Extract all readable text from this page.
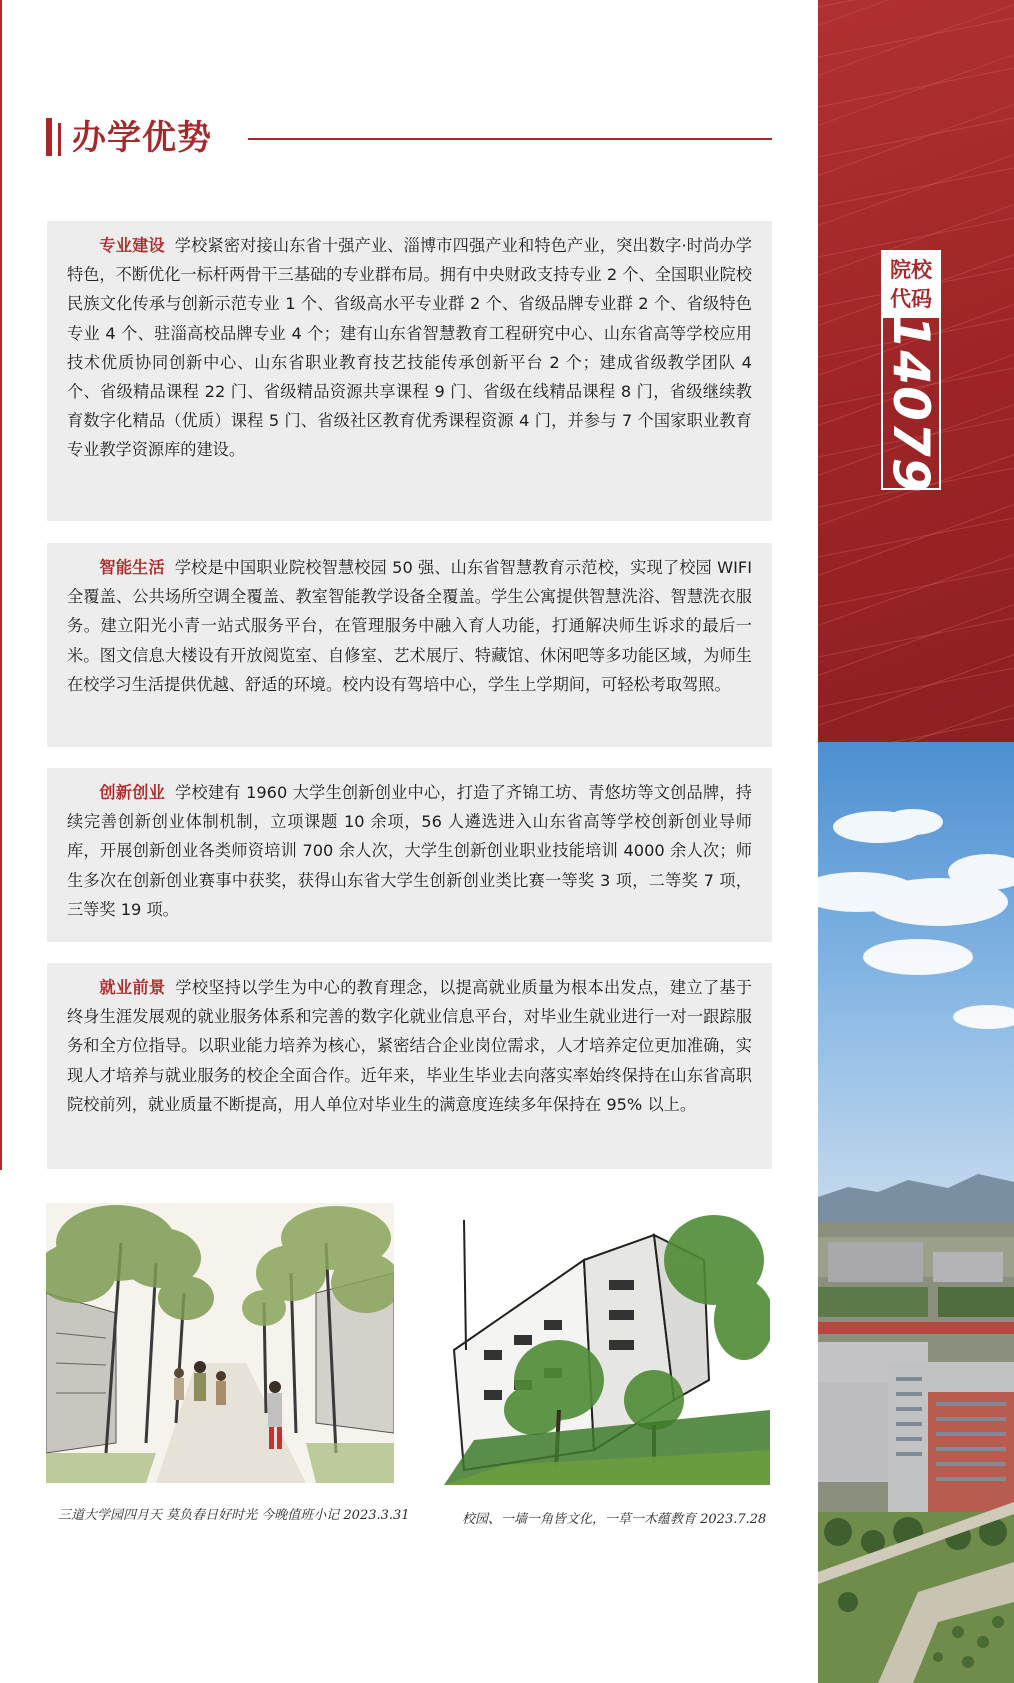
办学优势

专业建设 学校紧密对接山东省十强产业、淄博市四强产业和特色产业，突出数字·时尚办学特色，不断优化一标杆两骨干三基础的专业群布局。拥有中央财政支持专业 2 个、全国职业院校民族文化传承与创新示范专业 1 个、省级高水平专业群 2 个、省级品牌专业群 2 个、省级特色专业 4 个、驻淄高校品牌专业 4 个；建有山东省智慧教育工程研究中心、山东省高等学校应用技术优质协同创新中心、山东省职业教育技艺技能传承创新平台 2 个；建成省级教学团队 4 个、省级精品课程 22 门、省级精品资源共享课程 9 门、省级在线精品课程 8 门，省级继续教育数字化精品（优质）课程 5 门、省级社区教育优秀课程资源 4 门，并参与 7 个国家职业教育专业教学资源库的建设。

智能生活 学校是中国职业院校智慧校园 50 强、山东省智慧教育示范校，实现了校园 WIFI 全覆盖、公共场所空调全覆盖、教室智能教学设备全覆盖。学生公寓提供智慧洗浴、智慧洗衣服务。建立阳光小青一站式服务平台，在管理服务中融入育人功能，打通解决师生诉求的最后一米。图文信息大楼设有开放阅览室、自修室、艺术展厅、特藏馆、休闲吧等多功能区域，为师生在校学习生活提供优越、舒适的环境。校内设有驾培中心，学生上学期间，可轻松考取驾照。

创新创业 学校建有 1960 大学生创新创业中心，打造了齐锦工坊、青悠坊等文创品牌，持续完善创新创业体制机制，立项课题 10 余项，56 人遴选进入山东省高等学校创新创业导师库，开展创新创业各类师资培训 700 余人次，大学生创新创业职业技能培训 4000 余人次；师生多次在创新创业赛事中获奖，获得山东省大学生创新创业类比赛一等奖 3 项，二等奖 7 项，三等奖 19 项。

就业前景 学校坚持以学生为中心的教育理念，以提高就业质量为根本出发点，建立了基于终身生涯发展观的就业服务体系和完善的数字化就业信息平台，对毕业生就业进行一对一跟踪服务和全方位指导。以职业能力培养为核心，紧密结合企业岗位需求，人才培养定位更加准确，实现人才培养与就业服务的校企全面合作。近年来，毕业生毕业去向落实率始终保持在山东省高职院校前列，就业质量不断提高，用人单位对毕业生的满意度连续多年保持在 95% 以上。

院校
代码
14079
三道大学园四月天 莫负春日好时光 今晚值班小记 2023.3.31	校园、一墙一角皆文化，一草一木蕴教育 2023.7.28
